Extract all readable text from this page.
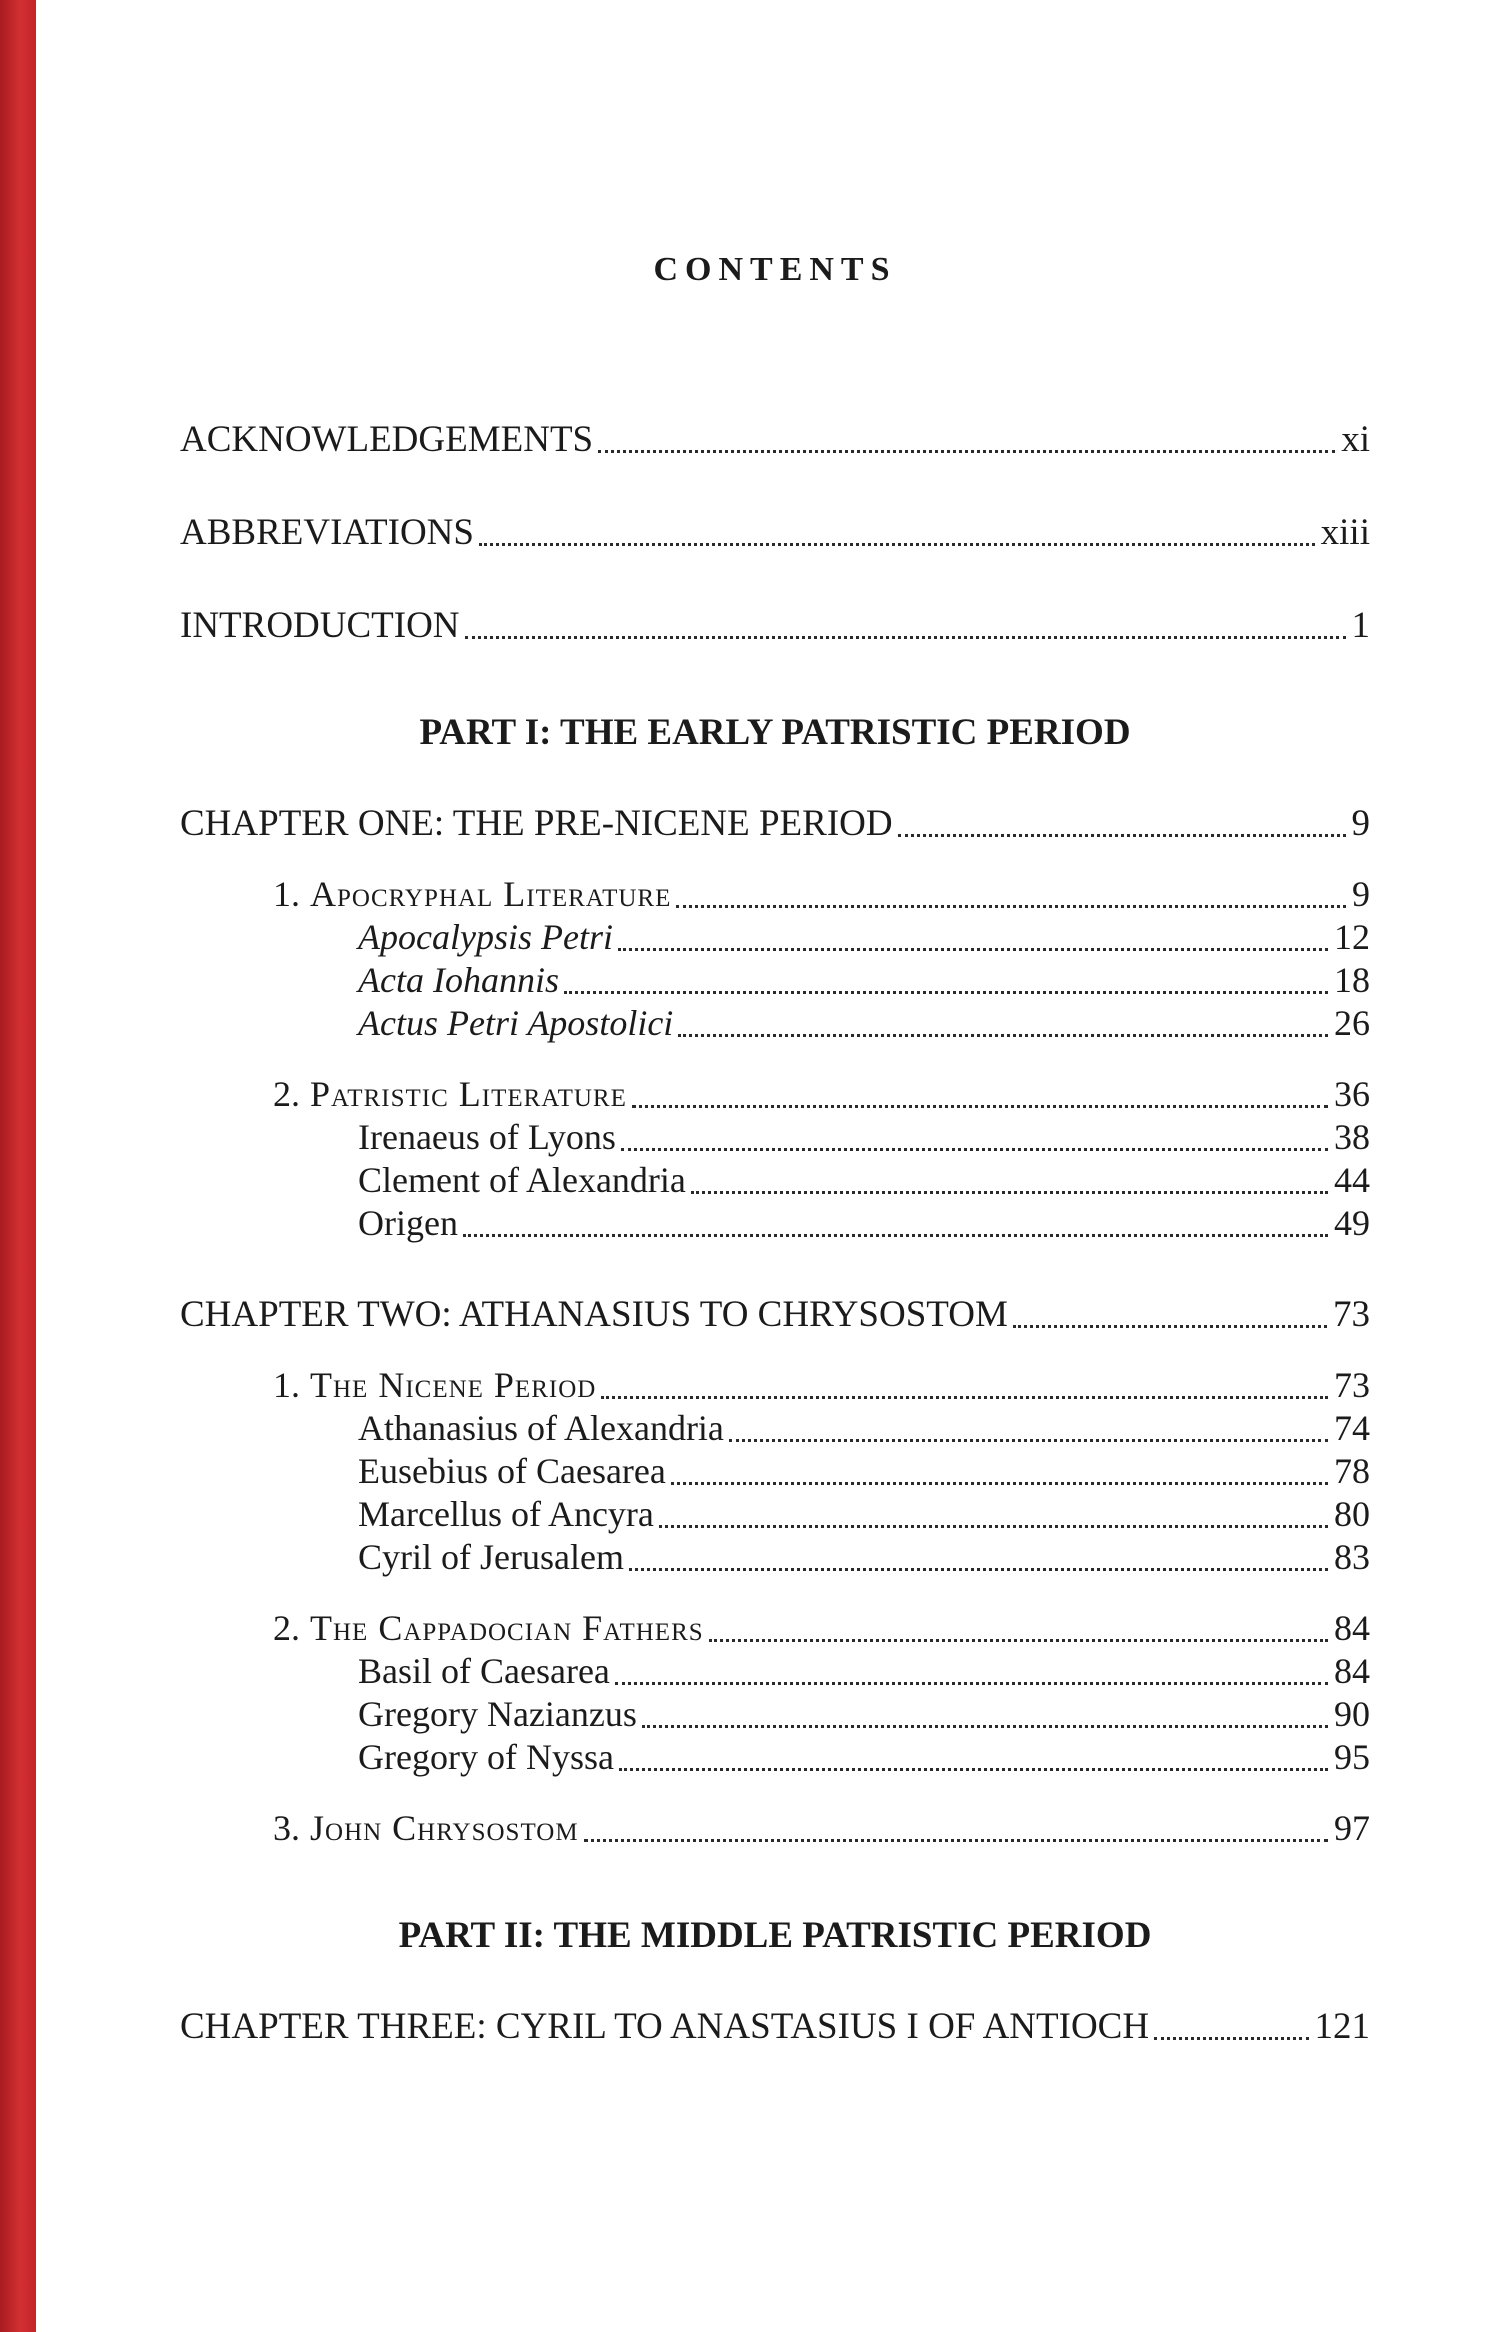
CONTENTS
ACKNOWLEDGEMENTS	xi
ABBREVIATIONS	xiii
INTRODUCTION	1
PART I: THE EARLY PATRISTIC PERIOD
CHAPTER ONE: THE PRE-NICENE PERIOD	9
1. Apocryphal Literature	9
Apocalypsis Petri	12
Acta Iohannis	18
Actus Petri Apostolici	26
2. Patristic Literature	36
Irenaeus of Lyons	38
Clement of Alexandria	44
Origen	49
CHAPTER TWO: ATHANASIUS TO CHRYSOSTOM	73
1. The Nicene Period	73
Athanasius of Alexandria	74
Eusebius of Caesarea	78
Marcellus of Ancyra	80
Cyril of Jerusalem	83
2. The Cappadocian Fathers	84
Basil of Caesarea	84
Gregory Nazianzus	90
Gregory of Nyssa	95
3. John Chrysostom	97
PART II: THE MIDDLE PATRISTIC PERIOD
CHAPTER THREE: CYRIL TO ANASTASIUS I OF ANTIOCH	121
